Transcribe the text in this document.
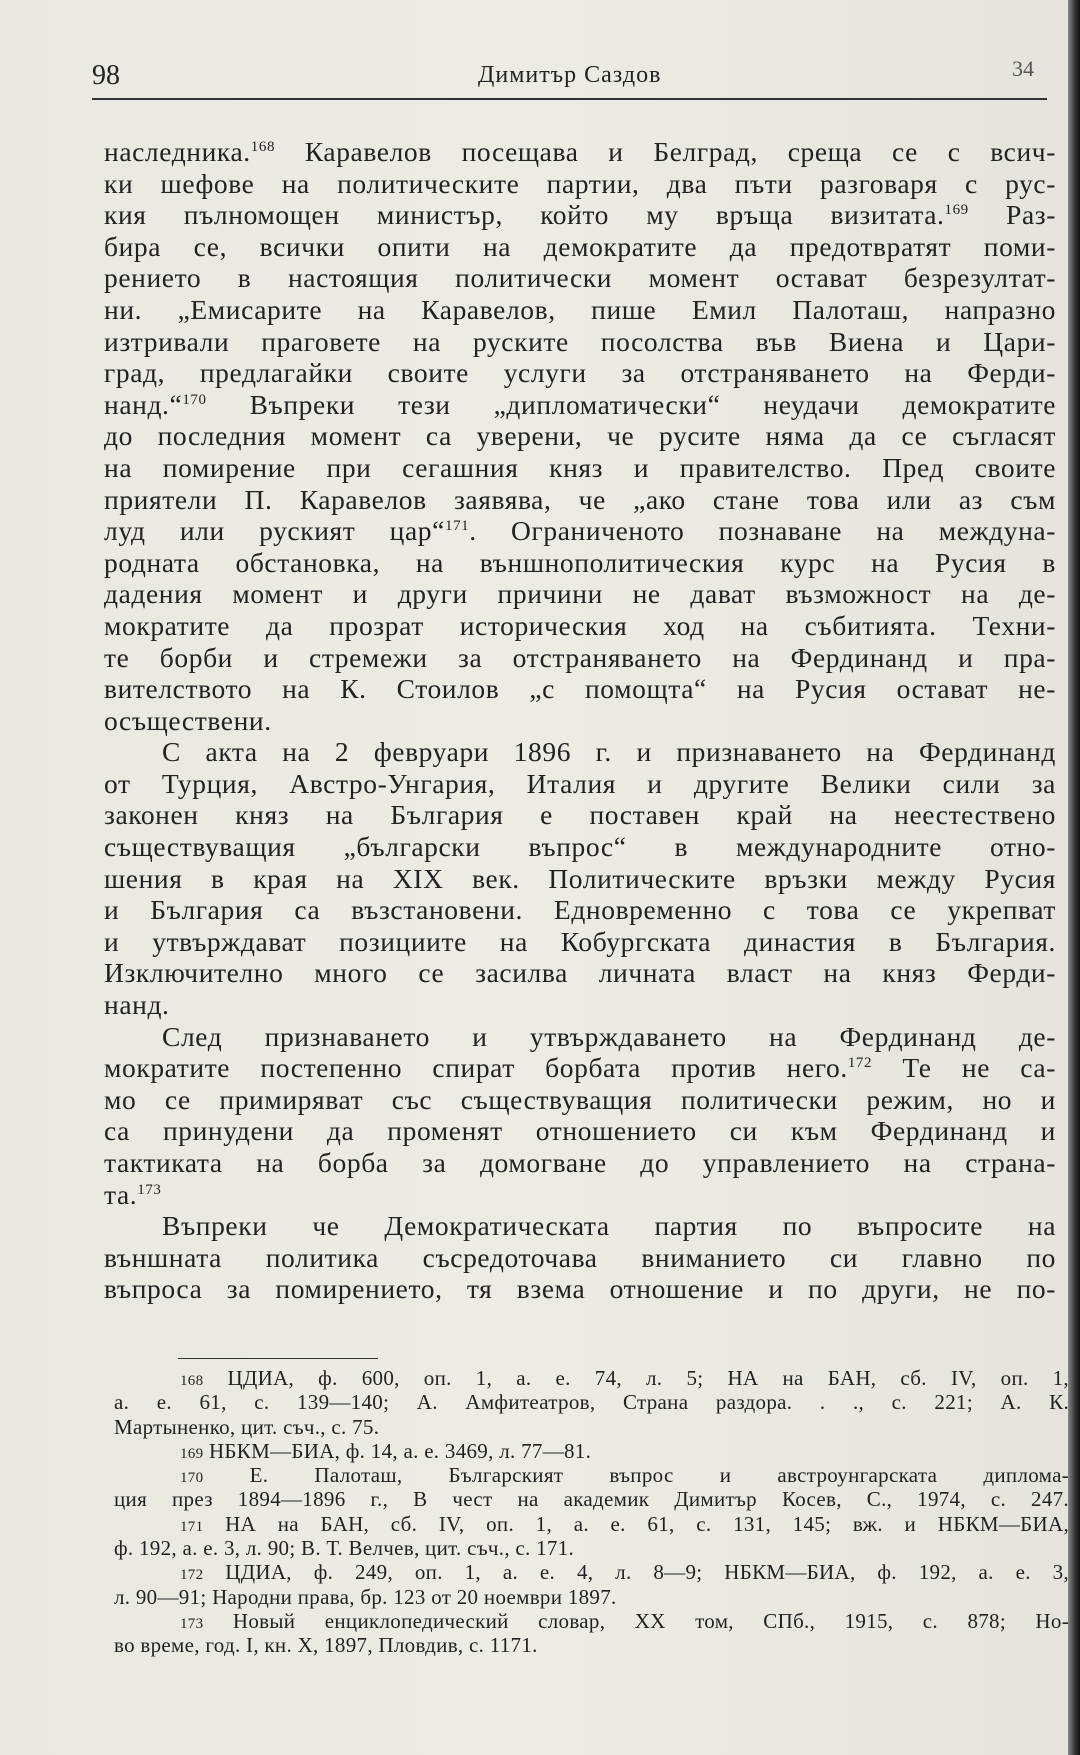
98	Димитър Саздов	34
наследника.$^{168}$ Каравелов посещава и Белград, среща се с всич-
ки шефове на политическите партии, два пъти разговаря с рус-
кия пълномощен министър, който му връща визитата.$^{169}$ Раз-
бира се, всички опити на демократите да предотвратят поми-
рението в настоящия политически момент остават безрезултат-
ни. „Емисарите на Каравелов, пише Емил Палоташ, напразно
изтривали праговете на руските посолства във Виена и Цари-
град, предлагайки своите услуги за отстраняването на Ферди-
нанд.“$^{170}$ Въпреки тези „дипломатически“ неудачи демократите
до последния момент са уверени, че русите няма да се съгласят
на помирение при сегашния княз и правителство. Пред своите
приятели П. Каравелов заявява, че „ако стане това или аз съм
луд или руският цар“$^{171}$. Ограниченото познаване на междуна-
родната обстановка, на външнополитическия курс на Русия в
дадения момент и други причини не дават възможност на де-
мократите да прозрат историческия ход на събитията. Техни-
те борби и стремежи за отстраняването на Фердинанд и пра-
вителството на К. Стоилов „с помощта“ на Русия остават не-
осъществени.
С акта на 2 февруари 1896 г. и признаването на Фердинанд
от Турция, Австро-Унгария, Италия и другите Велики сили за
законен княз на България е поставен край на неестествено
съществуващия „български въпрос“ в международните отно-
шения в края на XIX век. Политическите връзки между Русия
и България са възстановени. Едновременно с това се укрепват
и утвърждават позициите на Кобургската династия в България.
Изключително много се засилва личната власт на княз Ферди-
нанд.
След признаването и утвърждаването на Фердинанд де-
мократите постепенно спират борбата против него.$^{172}$ Те не са-
мо се примиряват със съществуващия политически режим, но и
са принудени да променят отношението си към Фердинанд и
тактиката на борба за домогване до управлението на страна-
та.$^{173}$
Въпреки че Демократическата партия по въпросите на
външната политика съсредоточава вниманието си главно по
въпроса за помирението, тя взема отношение и по други, не по-
168 ЦДИА, ф. 600, оп. 1, а. е. 74, л. 5; НА на БАН, сб. IV, оп. 1,
а. е. 61, с. 139—140; А. Амфитеатров, Страна раздора. . ., с. 221; А. К.
Мартыненко, цит. съч., с. 75.
169 НБКМ—БИА, ф. 14, а. е. 3469, л. 77—81.
170 Е. Палоташ, Българският въпрос и австроунгарската диплома-
ция през 1894—1896 г., В чест на академик Димитър Косев, С., 1974, с. 247.
171 НА на БАН, сб. IV, оп. 1, а. е. 61, с. 131, 145; вж. и НБКМ—БИА,
ф. 192, а. е. 3, л. 90; В. Т. Велчев, цит. съч., с. 171.
172 ЦДИА, ф. 249, оп. 1, а. е. 4, л. 8—9; НБКМ—БИА, ф. 192, а. е. 3,
л. 90—91; Народни права, бр. 123 от 20 ноември 1897.
173 Новый енциклопедический словар, XX том, СПб., 1915, с. 878; Но-
во време, год. I, кн. X, 1897, Пловдив, с. 1171.
